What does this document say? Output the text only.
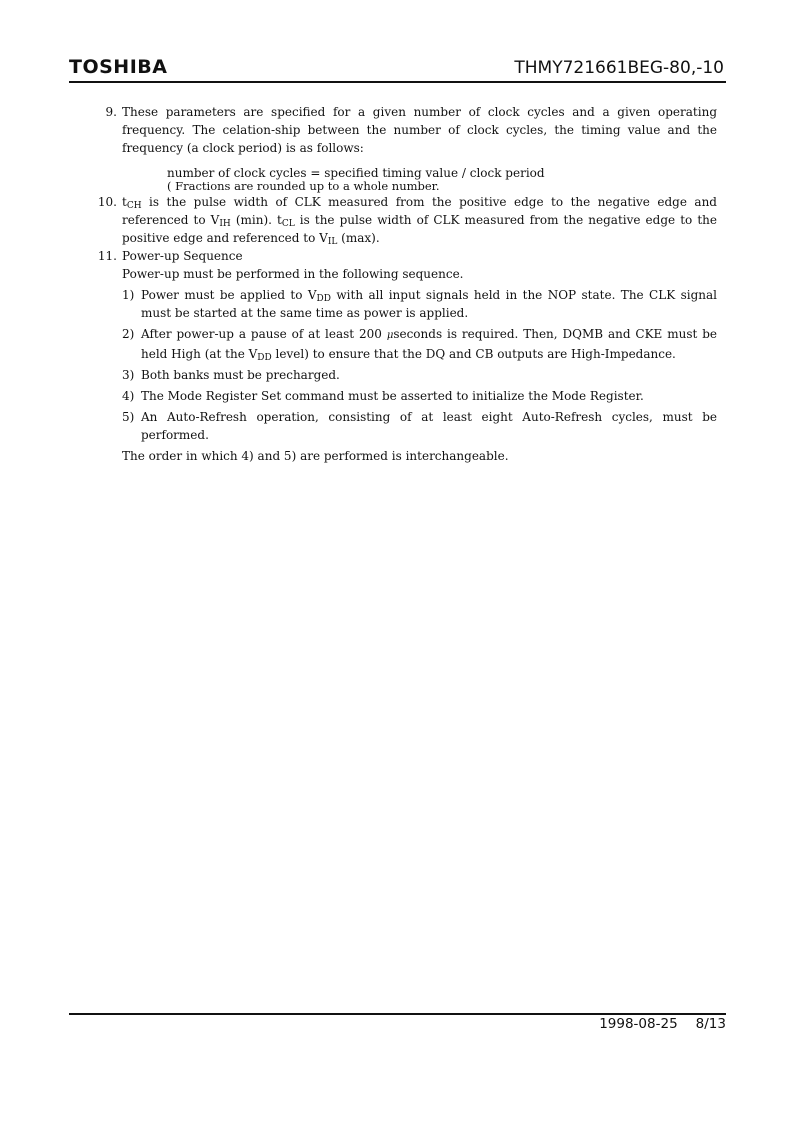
TOSHIBA	THMY721661BEG-80,-10
9. These parameters are specified for a given number of clock cycles and a given operating frequency. The celation-ship between the number of clock cycles, the timing value and the frequency (a clock period) is as follows:
number of clock cycles = specified timing value / clock period
( Fractions are rounded up to a whole number.
10. $t_{CH}$ is the pulse width of CLK measured from the positive edge to the negative edge and referenced to $V_{IH}$ (min). $t_{CL}$ is the pulse width of CLK measured from the negative edge to the positive edge and referenced to $V_{IL}$ (max).
11. Power-up Sequence
Power-up must be performed in the following sequence.
1) Power must be applied to $V_{DD}$ with all input signals held in the NOP state. The CLK signal must be started at the same time as power is applied.
2) After power-up a pause of at least 200 μseconds is required. Then, DQMB and CKE must be held High (at the $V_{DD}$ level) to ensure that the DQ and CB outputs are High-Impedance.
3) Both banks must be precharged.
4) The Mode Register Set command must be asserted to initialize the Mode Register.
5) An Auto-Refresh operation, consisting of at least eight Auto-Refresh cycles, must be performed.
The order in which 4) and 5) are performed is interchangeable.
1998-08-25 8/13
